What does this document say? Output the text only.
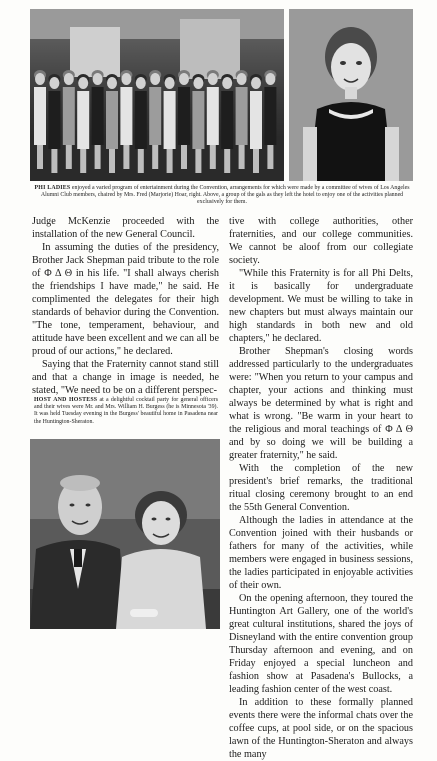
PHI LADIES enjoyed a varied program of entertainment during the Convention, arrangements for which were made by a committee of wives of Los Angeles Alumni Club members, chaired by Mrs. Fred (Marjorie) Hoar, right. Above, a group of the gals as they left the hotel to enjoy one of the activities planned exclusively for them.

Judge McKenzie proceeded with the installation of the new General Council.

In assuming the duties of the presidency, Brother Jack Shepman paid tribute to the role of Φ Δ Θ in his life. "I shall always cherish the friendships I have made," he said. He complimented the delegates for their high standards of behavior during the Convention. "The tone, temperament, behaviour, and attitude have been excellent and we can all be proud of our actions," he declared.

Saying that the Fraternity cannot stand still and that a change in image is needed, he stated, "We need to be on a different perspec-

HOST AND HOSTESS at a delightful cocktail party for general officers and their wives were Mr. and Mrs. William H. Burgess (he is Minnesota '39). It was held Tuesday evening in the Burgess' beautiful home in Pasadena near the Huntington-Sheraton.

tive with college authorities, other fraternities, and our college communities. We cannot be aloof from our collegiate society.

"While this Fraternity is for all Phi Delts, it is basically for undergraduate development. We must be willing to take in new chapters but must always maintain our high standards in both new and old chapters," he declared.

Brother Shepman's closing words addressed particularly to the undergraduates were: "When you return to your campus and chapter, your actions and thinking must always be determined by what is right and what is wrong. "Be warm in your heart to the religious and moral teachings of Φ Δ Θ and by so doing we will be building a greater fraternity," he said.

With the completion of the new president's brief remarks, the traditional ritual closing ceremony brought to an end the 55th General Convention.

Although the ladies in attendance at the Convention joined with their husbands or fathers for many of the activities, while members were engaged in business sessions, the ladies participated in enjoyable activities of their own.

On the opening afternoon, they toured the Huntington Art Gallery, one of the world's great cultural institutions, shared the joys of Disneyland with the entire convention group Thursday afternoon and evening, and on Friday enjoyed a special luncheon and fashion show at Pasadena's Bullocks, a leading fashion center of the west coast.

In addition to these formally planned events there were the informal chats over the coffee cups, at pool side, or on the spacious lawn of the Huntington-Sheraton and always the many
